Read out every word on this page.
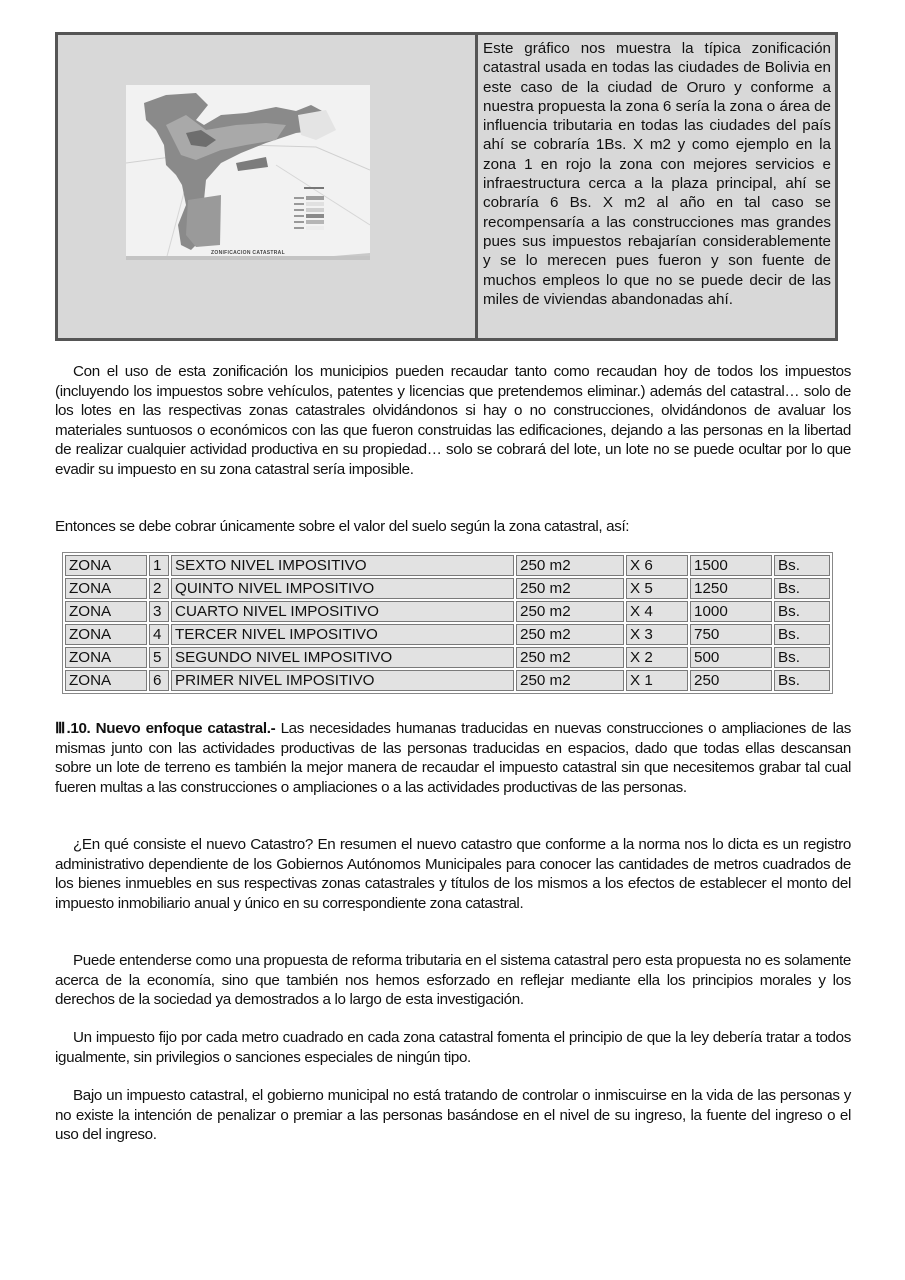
ZONIFICACION CATASTRAL
Este gráfico nos muestra la típica zonificación catastral usada en todas las ciudades de Bolivia en este caso de la ciudad de Oruro y conforme a nuestra propuesta la zona 6 sería la zona o área de influencia tributaria en todas las ciudades del país ahí se cobraría 1Bs. X m2 y como ejemplo en la zona 1 en rojo la zona con mejores servicios e infraestructura cerca a la plaza principal, ahí se cobraría 6 Bs. X m2 al año en tal caso se recompensaría a las construcciones mas grandes pues sus impuestos rebajarían considerablemente y se lo merecen pues fueron y son fuente de muchos empleos lo que no se puede decir de las miles de viviendas abandonadas ahí.
Con el uso de esta zonificación los municipios pueden recaudar tanto como recaudan hoy de todos los impuestos (incluyendo los impuestos sobre vehículos, patentes y licencias que pretendemos eliminar.) además del catastral… solo de los lotes en las respectivas zonas catastrales olvidándonos si hay o no construcciones, olvidándonos de avaluar los materiales suntuosos o económicos con las que fueron construidas las edificaciones, dejando a las personas en la libertad de realizar cualquier actividad productiva en su propiedad… solo se cobrará del lote, un lote no se puede ocultar por lo que evadir su impuesto en su zona catastral sería imposible.
Entonces se debe cobrar únicamente sobre el valor del suelo según la zona catastral, así:
ZONA	1	SEXTO NIVEL IMPOSITIVO	250 m2	X 6	1500	Bs.
ZONA	2	QUINTO NIVEL IMPOSITIVO	250 m2	X 5	1250	Bs.
ZONA	3	CUARTO NIVEL IMPOSITIVO	250 m2	X 4	1000	Bs.
ZONA	4	TERCER NIVEL IMPOSITIVO	250 m2	X 3	750	Bs.
ZONA	5	SEGUNDO NIVEL IMPOSITIVO	250 m2	X 2	500	Bs.
ZONA	6	PRIMER NIVEL IMPOSITIVO	250 m2	X 1	250	Bs.
Ⅲ.10. Nuevo enfoque catastral.- Las necesidades humanas traducidas en nuevas construcciones o ampliaciones de las mismas junto con las actividades productivas de las personas traducidas en espacios, dado que todas ellas descansan sobre un lote de terreno es también la mejor manera de recaudar el impuesto catastral sin que necesitemos grabar tal cual fueren multas a las construcciones o ampliaciones o a las actividades productivas de las personas.
¿En qué consiste el nuevo Catastro? En resumen el nuevo catastro que conforme a la norma nos lo dicta es un registro administrativo dependiente de los Gobiernos Autónomos Municipales para conocer las cantidades de metros cuadrados de los bienes inmuebles en sus respectivas zonas catastrales y títulos de los mismos a los efectos de establecer el monto del impuesto inmobiliario anual y único en su correspondiente zona catastral.
Puede entenderse como una propuesta de reforma tributaria en el sistema catastral pero esta propuesta no es solamente acerca de la economía, sino que también nos hemos esforzado en reflejar mediante ella los principios morales y los derechos de la sociedad ya demostrados a lo largo de esta investigación.
Un impuesto fijo por cada metro cuadrado en cada zona catastral fomenta el principio de que la ley debería tratar a todos igualmente, sin privilegios o sanciones especiales de ningún tipo.
Bajo un impuesto catastral, el gobierno municipal no está tratando de controlar o inmiscuirse en la vida de las personas y no existe la intención de penalizar o premiar a las personas basándose en el nivel de su ingreso, la fuente del ingreso o el uso del ingreso.
